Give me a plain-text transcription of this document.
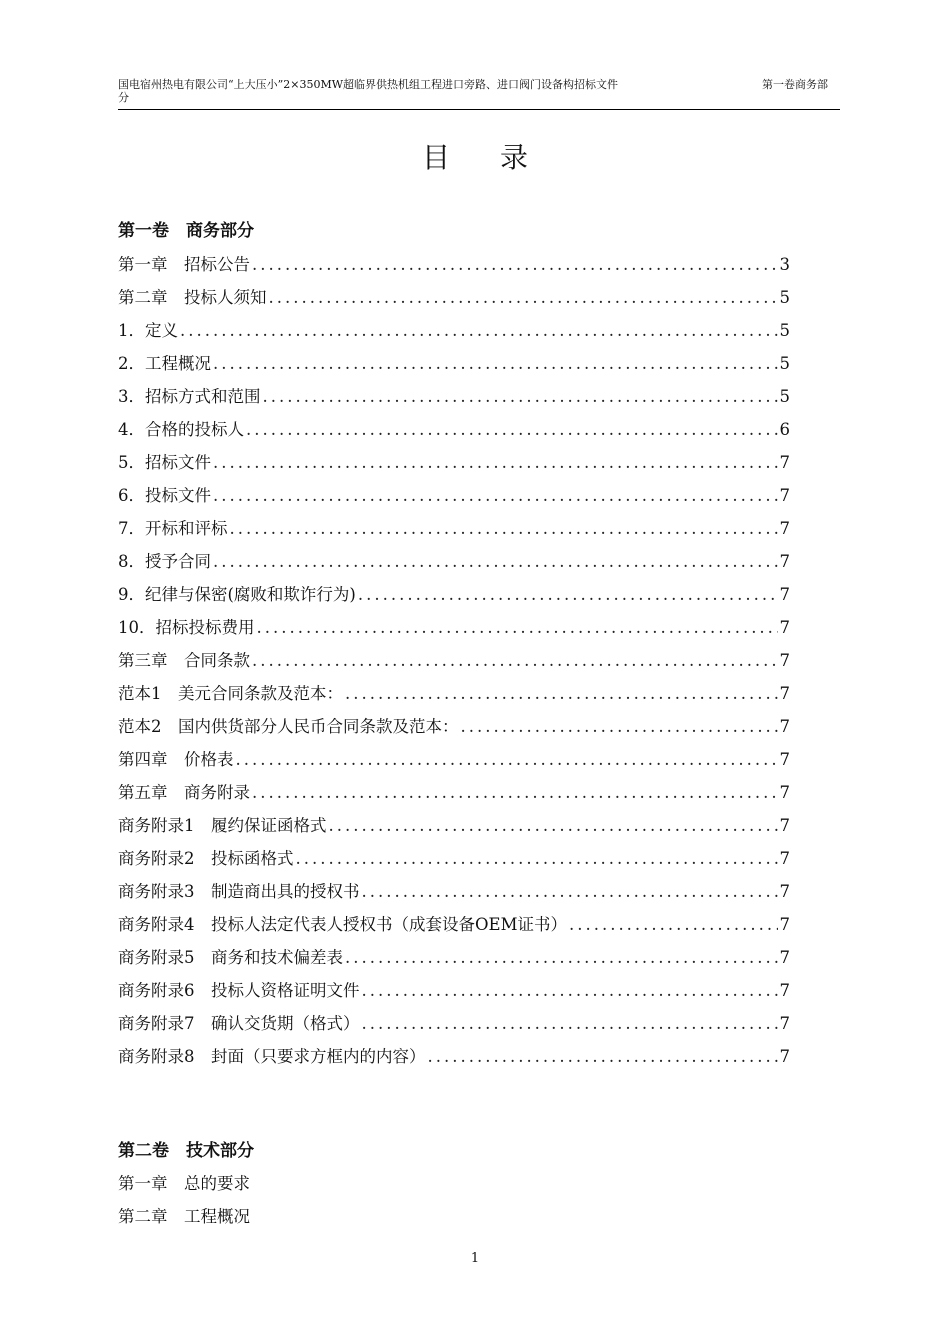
国电宿州热电有限公司“上大压小”2×350MW超临界供热机组工程进口旁路、进口阀门设备构招标文件
分
第一卷商务部
目录
第一卷　商务部分
第一章　招标公告 .....	3
第二章　投标人须知 .....	5
1．定义 .....	5
2．工程概况 .....	5
3．招标方式和范围 .....	5
4．合格的投标人 .....	6
5．招标文件 .....	7
6．投标文件 .....	7
7．开标和评标 .....	7
8．授予合同 .....	7
9．纪律与保密(腐败和欺诈行为) .....	7
10．招标投标费用 .....	7
第三章　合同条款 .....	7
范本1　美元合同条款及范本： .....	7
范本2　国内供货部分人民币合同条款及范本： .....	7
第四章　价格表 .....	7
第五章　商务附录 .....	7
商务附录1　履约保证函格式 .....	7
商务附录2　投标函格式 .....	7
商务附录3　制造商出具的授权书 .....	7
商务附录4　投标人法定代表人授权书（成套设备OEM证书） .....	7
商务附录5　商务和技术偏差表 .....	7
商务附录6　投标人资格证明文件 .....	7
商务附录7　确认交货期（格式） .....	7
商务附录8　封面（只要求方框内的内容） .....	7
第二卷　技术部分
第一章　总的要求
第二章　工程概况
1
